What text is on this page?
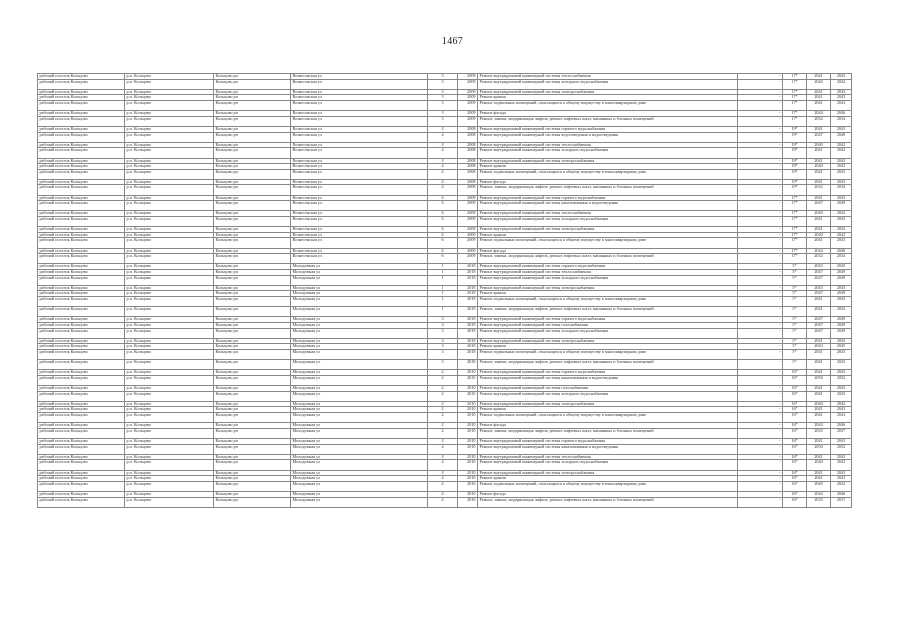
1467
рабочий поселок Кольцово	р.п. Кольцово	Кольцово рп	Вознесенская ул	3	2009	Ремонт внутридомовой инженерной системы теплоснабжения	-	17*	2041	2043
рабочий поселок Кольцово	р.п. Кольцово	Кольцово рп	Вознесенская ул	3	2009	Ремонт внутридомовой инженерной системы холодного водоснабжения	-	17*	2040	2042
рабочий поселок Кольцово	р.п. Кольцово	Кольцово рп	Вознесенская ул	3	2009	Ремонт внутридомовой инженерной системы электроснабжения	-	17*	2041	2043
рабочий поселок Кольцово	р.п. Кольцово	Кольцово рп	Вознесенская ул	3	2009	Ремонт крыши	-	17*	2041	2043
рабочий поселок Кольцово	р.п. Кольцово	Кольцово рп	Вознесенская ул	3	2009	Ремонт подвальных помещений, относящихся к общему имуществу в многоквартирном доме	-	17*	2041	2043
рабочий поселок Кольцово	р.п. Кольцово	Кольцово рп	Вознесенская ул	3	2009	Ремонт фасада	-	17*	2044	2046
рабочий поселок Кольцово	р.п. Кольцово	Кольцово рп	Вознесенская ул	3	2009	Ремонт, замена, модернизация лифтов, ремонт лифтовых шахт, машинных и блочных помещений	-	17*	2032	2034
рабочий поселок Кольцово	р.п. Кольцово	Кольцово рп	Вознесенская ул	4	2008	Ремонт внутридомовой инженерной системы горячего водоснабжения	-	19*	2041	2043
рабочий поселок Кольцово	р.п. Кольцово	Кольцово рп	Вознесенская ул	4	2008	Ремонт внутридомовой инженерной системы водоотведения и водоотведения	-	19*	2047	2049
рабочий поселок Кольцово	р.п. Кольцово	Кольцово рп	Вознесенская ул	4	2008	Ремонт внутридомовой инженерной системы теплоснабжения	-	19*	2040	2042
рабочий поселок Кольцово	р.п. Кольцово	Кольцово рп	Вознесенская ул	4	2008	Ремонт внутридомовой инженерной системы холодного водоснабжения	-	19*	2041	2043
рабочий поселок Кольцово	р.п. Кольцово	Кольцово рп	Вознесенская ул	4	2008	Ремонт внутридомовой инженерной системы электроснабжения	-	19*	2041	2043
рабочий поселок Кольцово	р.п. Кольцово	Кольцово рп	Вознесенская ул	4	2008	Ремонт крыши	-	19*	2040	2042
рабочий поселок Кольцово	р.п. Кольцово	Кольцово рп	Вознесенская ул	4	2008	Ремонт подвальных помещений, относящихся к общему имуществу в многоквартирном доме	-	19*	2041	2043
рабочий поселок Кольцово	р.п. Кольцово	Кольцово рп	Вознесенская ул	4	2008	Ремонт фасада	-	19*	2041	2043
рабочий поселок Кольцово	р.п. Кольцово	Кольцово рп	Вознесенская ул	4	2008	Ремонт, замена, модернизация лифтов, ремонт лифтовых шахт, машинных и блочных помещений	-	19*	2032	2034
рабочий поселок Кольцово	р.п. Кольцово	Кольцово рп	Вознесенская ул	6	2009	Ремонт внутридомовой инженерной системы горячего водоснабжения	-	17*	2041	2043
рабочий поселок Кольцово	р.п. Кольцово	Кольцово рп	Вознесенская ул	6	2009	Ремонт внутридомовой инженерной системы канализования и водоотведения	-	17*	2047	2049
рабочий поселок Кольцово	р.п. Кольцово	Кольцово рп	Вознесенская ул	6	2009	Ремонт внутридомовой инженерной системы теплоснабжения	-	17*	2040	2042
рабочий поселок Кольцово	р.п. Кольцово	Кольцово рп	Вознесенская ул	6	2009	Ремонт внутридомовой инженерной системы холодного водоснабжения	-	17*	2041	2043
рабочий поселок Кольцово	р.п. Кольцово	Кольцово рп	Вознесенская ул	6	2009	Ремонт внутридомовой инженерной системы электроснабжения	-	17*	2041	2043
рабочий поселок Кольцово	р.п. Кольцово	Кольцово рп	Вознесенская ул	6	2009	Ремонт крыши	-	17*	2040	2042
рабочий поселок Кольцово	р.п. Кольцово	Кольцово рп	Вознесенская ул	6	2009	Ремонт подвальных помещений, относящихся к общему имуществу в многоквартирном доме	-	17*	2041	2043
рабочий поселок Кольцово	р.п. Кольцово	Кольцово рп	Вознесенская ул	6	2009	Ремонт фасада	-	17*	2044	2046
рабочий поселок Кольцово	р.п. Кольцово	Кольцово рп	Вознесенская ул	6	2009	Ремонт, замена, модернизация лифтов, ремонт лифтовых шахт, машинных и блочных помещений	-	17*	2032	2034
рабочий поселок Кольцово	р.п. Кольцово	Кольцово рп	Молодежная ул	1	2018	Ремонт внутридомовой инженерной системы горячего водоснабжения	-	5*	2043	2045
рабочий поселок Кольцово	р.п. Кольцово	Кольцово рп	Молодежная ул	1	2018	Ремонт внутридомовой инженерной системы теплоснабжения	-	5*	2047	2049
рабочий поселок Кольцово	р.п. Кольцово	Кольцово рп	Молодежная ул	1	2018	Ремонт внутридомовой инженерной системы холодного водоснабжения	-	5*	2047	2049
рабочий поселок Кольцово	р.п. Кольцово	Кольцово рп	Молодежная ул	1	2018	Ремонт внутридомовой инженерной системы электроснабжения	-	5*	2043	2045
рабочий поселок Кольцово	р.п. Кольцово	Кольцово рп	Молодежная ул	1	2018	Ремонт крыши	-	5*	2047	2049
рабочий поселок Кольцово	р.п. Кольцово	Кольцово рп	Молодежная ул	1	2018	Ремонт подвальных помещений, относящихся к общему имуществу в многоквартирном доме	-	5*	2041	2043
рабочий поселок Кольцово	р.п. Кольцово	Кольцово рп	Молодежная ул	1	2018	Ремонт, замена, модернизация лифтов, ремонт лифтовых шахт, машинных и блочных помещений	-	5*	2041	2043
рабочий поселок Кольцово	р.п. Кольцово	Кольцово рп	Молодежная ул	3	2018	Ремонт внутридомовой инженерной системы горячего водоснабжения	-	5*	2047	2049
рабочий поселок Кольцово	р.п. Кольцово	Кольцово рп	Молодежная ул	3	2018	Ремонт внутридомовой инженерной системы газоснабжения	-	5*	2047	2049
рабочий поселок Кольцово	р.п. Кольцово	Кольцово рп	Молодежная ул	3	2018	Ремонт внутридомовой инженерной системы холодного водоснабжения	-	5*	2047	2049
рабочий поселок Кольцово	р.п. Кольцово	Кольцово рп	Молодежная ул	3	2018	Ремонт внутридомовой инженерной системы электроснабжения	-	5*	2041	2043
рабочий поселок Кольцово	р.п. Кольцово	Кольцово рп	Молодежная ул	3	2018	Ремонт крыши	-	5*	2043	2045
рабочий поселок Кольцово	р.п. Кольцово	Кольцово рп	Молодежная ул	3	2018	Ремонт подвальных помещений, относящихся к общему имуществу в многоквартирном доме	-	5*	2041	2043
рабочий поселок Кольцово	р.п. Кольцово	Кольцово рп	Молодежная ул	3	2018	Ремонт, замена, модернизация лифтов, ремонт лифтовых шахт, машинных и блочных помещений	-	5*	2041	2043
рабочий поселок Кольцово	р.п. Кольцово	Кольцово рп	Молодежная ул	2	2010	Ремонт внутридомовой инженерной системы горячего водоснабжения	-	16*	2041	2043
рабочий поселок Кольцово	р.п. Кольцово	Кольцово рп	Молодежная ул	2	2010	Ремонт внутридомовой инженерной системы канализования и водоотведения	-	16*	2050	2052
рабочий поселок Кольцово	р.п. Кольцово	Кольцово рп	Молодежная ул	2	2010	Ремонт внутридомовой инженерной системы газоснабжения	-	16*	2041	2043
рабочий поселок Кольцово	р.п. Кольцово	Кольцово рп	Молодежная ул	2	2010	Ремонт внутридомовой инженерной системы холодного водоснабжения	-	16*	2041	2043
рабочий поселок Кольцово	р.п. Кольцово	Кольцово рп	Молодежная ул	2	2010	Ремонт внутридомовой инженерной системы электроснабжения	-	16*	2040	2042
рабочий поселок Кольцово	р.п. Кольцово	Кольцово рп	Молодежная ул	2	2010	Ремонт крыши	-	16*	2041	2043
рабочий поселок Кольцово	р.п. Кольцово	Кольцово рп	Молодежная ул	2	2010	Ремонт подвальных помещений, относящихся к общему имуществу в многоквартирном доме	-	16*	2041	2043
рабочий поселок Кольцово	р.п. Кольцово	Кольцово рп	Молодежная ул	2	2010	Ремонт фасада	-	16*	2044	2046
рабочий поселок Кольцово	р.п. Кольцово	Кольцово рп	Молодежная ул	2	2010	Ремонт, замена, модернизация лифтов, ремонт лифтовых шахт, машинных и блочных помещений	-	16*	2035	2037
рабочий поселок Кольцово	р.п. Кольцово	Кольцово рп	Молодежная ул	4	2010	Ремонт внутридомовой инженерной системы горячего водоснабжения	-	16*	2041	2043
рабочий поселок Кольцово	р.п. Кольцово	Кольцово рп	Молодежная ул	4	2010	Ремонт внутридомовой инженерной системы канализования и водоотведения	-	16*	2050	2052
рабочий поселок Кольцово	р.п. Кольцово	Кольцово рп	Молодежная ул	4	2010	Ремонт внутридомовой инженерной системы теплоснабжения	-	16*	2041	2043
рабочий поселок Кольцово	р.п. Кольцово	Кольцово рп	Молодежная ул	4	2010	Ремонт внутридомовой инженерной системы холодного водоснабжения	-	16*	2040	2042
рабочий поселок Кольцово	р.п. Кольцово	Кольцово рп	Молодежная ул	4	2010	Ремонт внутридомовой инженерной системы электроснабжения	-	16*	2041	2043
рабочий поселок Кольцово	р.п. Кольцово	Кольцово рп	Молодежная ул	4	2010	Ремонт крыши	-	16*	2041	2043
рабочий поселок Кольцово	р.п. Кольцово	Кольцово рп	Молодежная ул	4	2010	Ремонт подвальных помещений, относящихся к общему имуществу в многоквартирном доме	-	16*	2040	2042
рабочий поселок Кольцово	р.п. Кольцово	Кольцово рп	Молодежная ул	4	2010	Ремонт фасада	-	16*	2044	2046
рабочий поселок Кольцово	р.п. Кольцово	Кольцово рп	Молодежная ул	4	2010	Ремонт, замена, модернизация лифтов, ремонт лифтовых шахт, машинных и блочных помещений	-	16*	2035	2037
